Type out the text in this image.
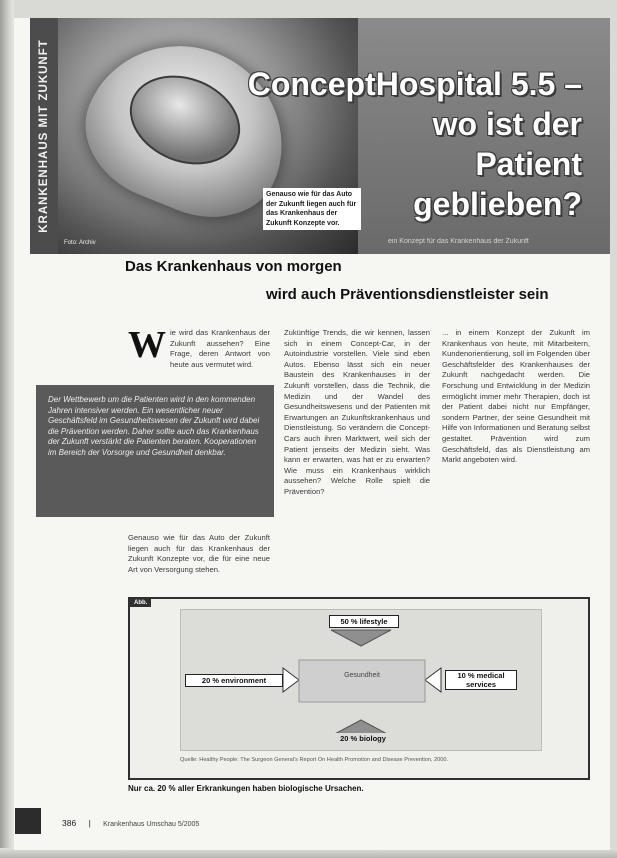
KRANKENHAUS MIT ZUKUNFT	ConceptHospital 5.5 –
wo ist der
Patient
geblieben?
Genauso wie für das Auto der Zukunft liegen auch für das Krankenhaus der Zukunft Konzepte vor.
Foto: Archiv	ein Konzept für das Krankenhaus der Zukunft
Das Krankenhaus von morgen
wird auch Präventionsdienstleister sein
W ie wird das Krankenhaus der Zukunft aussehen? Eine Frage, deren Antwort von heute aus vermutet wird.
Der Wettbewerb um die Patienten wird in den kommenden Jahren intensiver werden. Ein wesentlicher neuer Geschäftsfeld im Gesundheitswesen der Zukunft wird dabei die Prävention werden. Daher sollte auch das Krankenhaus der Zukunft verstärkt die Patienten beraten. Kooperationen im Bereich der Vorsorge und Gesundheit denkbar.
Genauso wie für das Auto der Zukunft liegen auch für das Krankenhaus der Zukunft Konzepte vor, die für eine neue Art von Versorgung stehen.
Zukünftige Trends, die wir kennen, lassen sich in einem Concept-Car, in der Autoindustrie vorstellen. Viele sind eben Autos. Ebenso lässt sich ein neuer Baustein des Krankenhauses in der Zukunft vorstellen, dass die Technik, die Medizin und der Wandel des Gesundheitswesens und der Patienten mit Erwartungen an Zukunftskrankenhaus und Dienstleistung. So verändern die Concept-Cars auch ihren Marktwert, weil sich der Patient jenseits der Medizin sieht. Was kann er erwarten, was hat er zu erwarten? Wie muss ein Krankenhaus wirklich aussehen? Welche Rolle spielt die Prävention?
... in einem Konzept der Zukunft im Krankenhaus von heute, mit Mitarbeitern, Kundenorientierung, soll im Folgenden über Geschäftsfelder des Krankenhauses der Zukunft nachgedacht werden. Die Forschung und Entwicklung in der Medizin ermöglicht immer mehr Therapien, doch ist der Patient dabei nicht nur Empfänger, sondern Partner, der seine Gesundheit mit Hilfe von Informationen und Beratung selbst gestaltet. Prävention wird zum Geschäftsfeld, das als Dienstleistung am Markt angeboten wird.
Abb.
50 % lifestyle
20 % environment
10 % medical services
20 % biology
Gesundheit
Quelle: Healthy People: The Surgeon General's Report On Health Promotion and Disease Prevention, 2000.
Nur ca. 20 % aller Erkrankungen haben biologische Ursachen.
386 | Krankenhaus Umschau 5/2005
